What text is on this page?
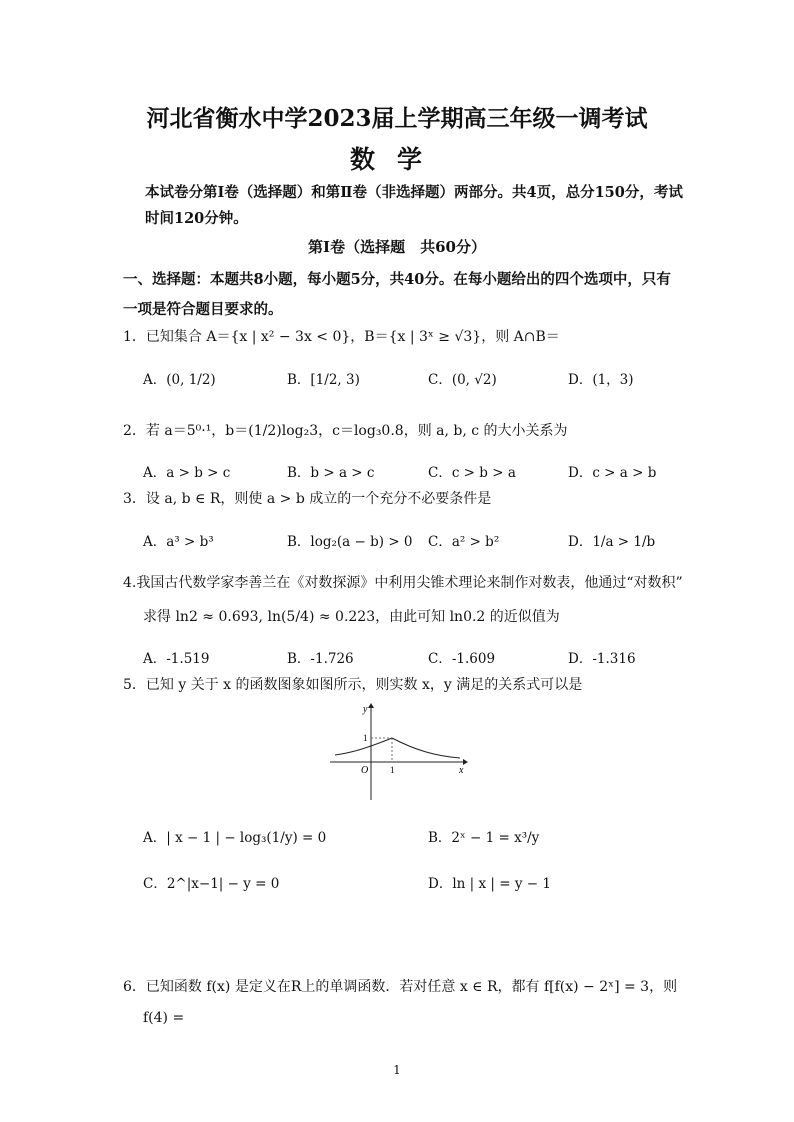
河北省衡水中学2023届上学期高三年级一调考试
数学
本试卷分第Ⅰ卷（选择题）和第Ⅱ卷（非选择题）两部分。共4页，总分150分，考试时间120分钟。
第Ⅰ卷（选择题　共60分）
一、选择题：本题共8小题，每小题5分，共40分。在每小题给出的四个选项中，只有一项是符合题目要求的。
1．已知集合 A＝{x | x² − 3x < 0}，B＝{x | 3ˣ ≥ √3}，则 A∩B＝
A．(0, 1/2)	B．[1/2, 3)	C．(0, √2)	D．(1，3)
2．若 a＝5⁰·¹，b＝(1/2)log₂3，c＝log₃0.8，则 a, b, c 的大小关系为
A．a > b > c	B．b > a > c	C．c > b > a	D．c > a > b
3．设 a, b ∈ R，则使 a > b 成立的一个充分不必要条件是
A．a³ > b³	B．log₂(a − b) > 0 C．a² > b²	D．1/a > 1/b
4.我国古代数学家李善兰在《对数探源》中利用尖锥术理论来制作对数表，他通过“对数积”
求得 ln2 ≈ 0.693, ln(5/4) ≈ 0.223，由此可知 ln0.2 的近似值为
A．-1.519	B．-1.726	C．-1.609	D．-1.316
5．已知 y 关于 x 的函数图象如图所示，则实数 x，y 满足的关系式可以是
x
y
O 1
1
A．| x − 1 | − log₃(1/y) = 0	B．2ˣ − 1 = x³/y
C．2^|x−1| − y = 0	D．ln | x | = y − 1
6．已知函数 f(x) 是定义在R上的单调函数．若对任意 x ∈ R，都有 f[f(x) − 2ˣ] = 3，则
f(4) =
1
